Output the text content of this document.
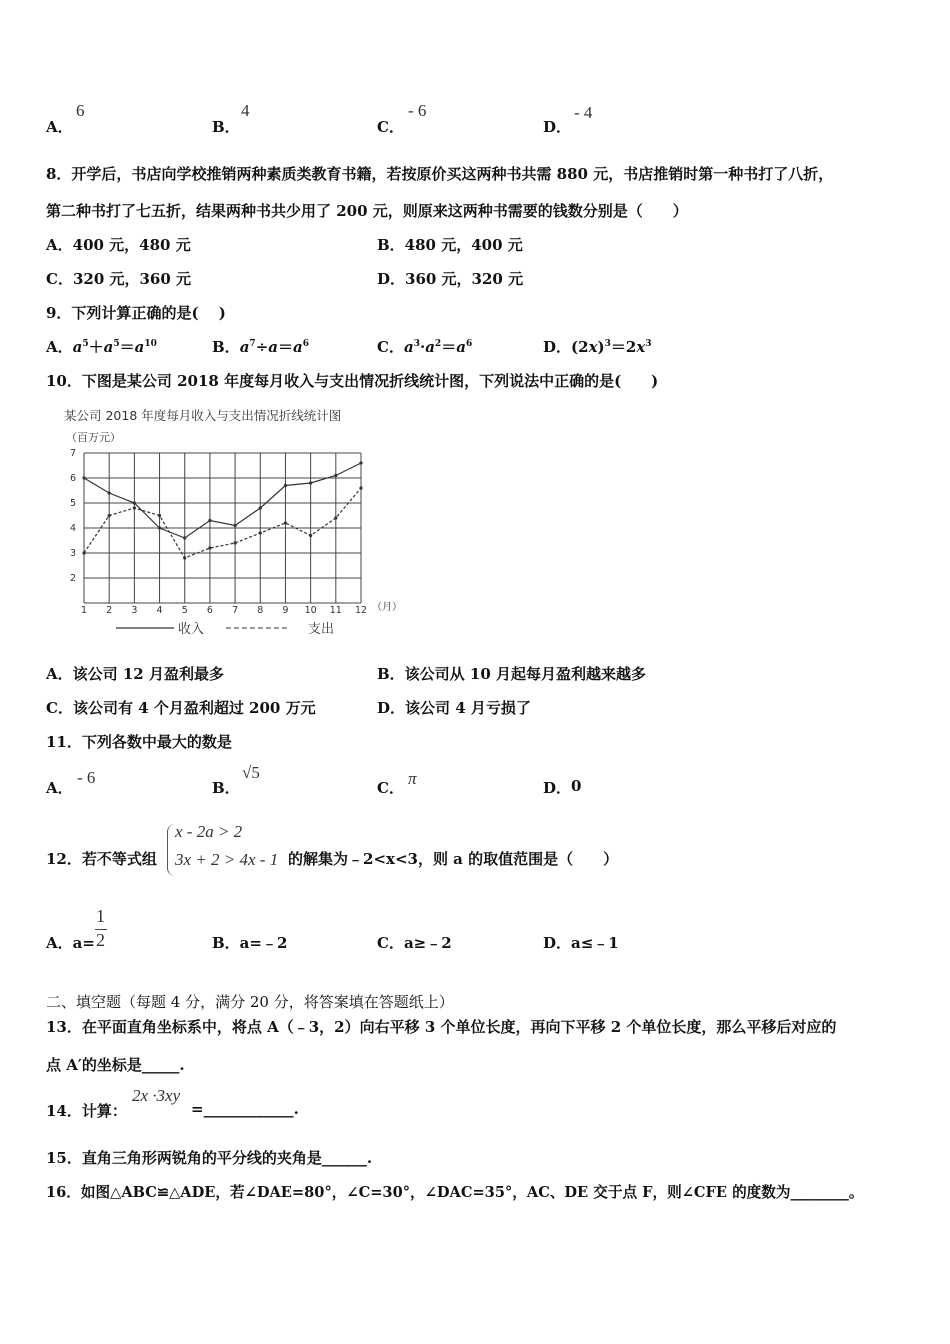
A．
6
B．
4
C．
- 6
D．
- 4
8．开学后，书店向学校推销两种素质类教育书籍，若按原价买这两种书共需 880 元，书店推销时第一种书打了八折，
第二种书打了七五折，结果两种书共少用了 200 元，则原来这两种书需要的钱数分别是（　　）
A．400 元，480 元	B．480 元，400 元
C．320 元，360 元	D．360 元，320 元
9．下列计算正确的是(　 )
A．$a^5+a^5=a^{10}$	B．$a^7\div a=a^6$	C．$a^3\cdot a^2=a^6$	D．$(2x)^3=2x^3$
10．下图是某公司 2018 年度每月收入与支出情况折线统计图，下列说法中正确的是(　　)
某公司 2018 年度每月收入与支出情况折线统计图
（百万元）
（月）
1 2 3 4 5 6 7 8 9 10 11 12
2
3
4
5
6
7
收入	支出
A．该公司 12 月盈利最多	B．该公司从 10 月起每月盈利越来越多
C．该公司有 4 个月盈利超过 200 万元	D．该公司 4 月亏损了
11．下列各数中最大的数是
A．
- 6
B．
√5
C． π	D． 0
12．若不等式组
x - 2a > 2
3x + 2 > 4x - 1 的解集为﹣2<x<3，则 a 的取值范围是（　　）
A．a=
1
2	B．a=﹣2	C．a≥﹣2	D．a≤﹣1
二、填空题（每题 4 分，满分 20 分，将答案填在答题纸上）
13．在平面直角坐标系中，将点 A（﹣3，2）向右平移 3 个单位长度，再向下平移 2 个单位长度，那么平移后对应的
点 A′的坐标是_____.
14．计算：
2x ·3xy
=____________.
15．直角三角形两锐角的平分线的夹角是______.
16．如图△ABC≌△ADE，若∠DAE=80°，∠C=30°，∠DAC=35°，AC、DE 交于点 F，则∠CFE 的度数为________。
